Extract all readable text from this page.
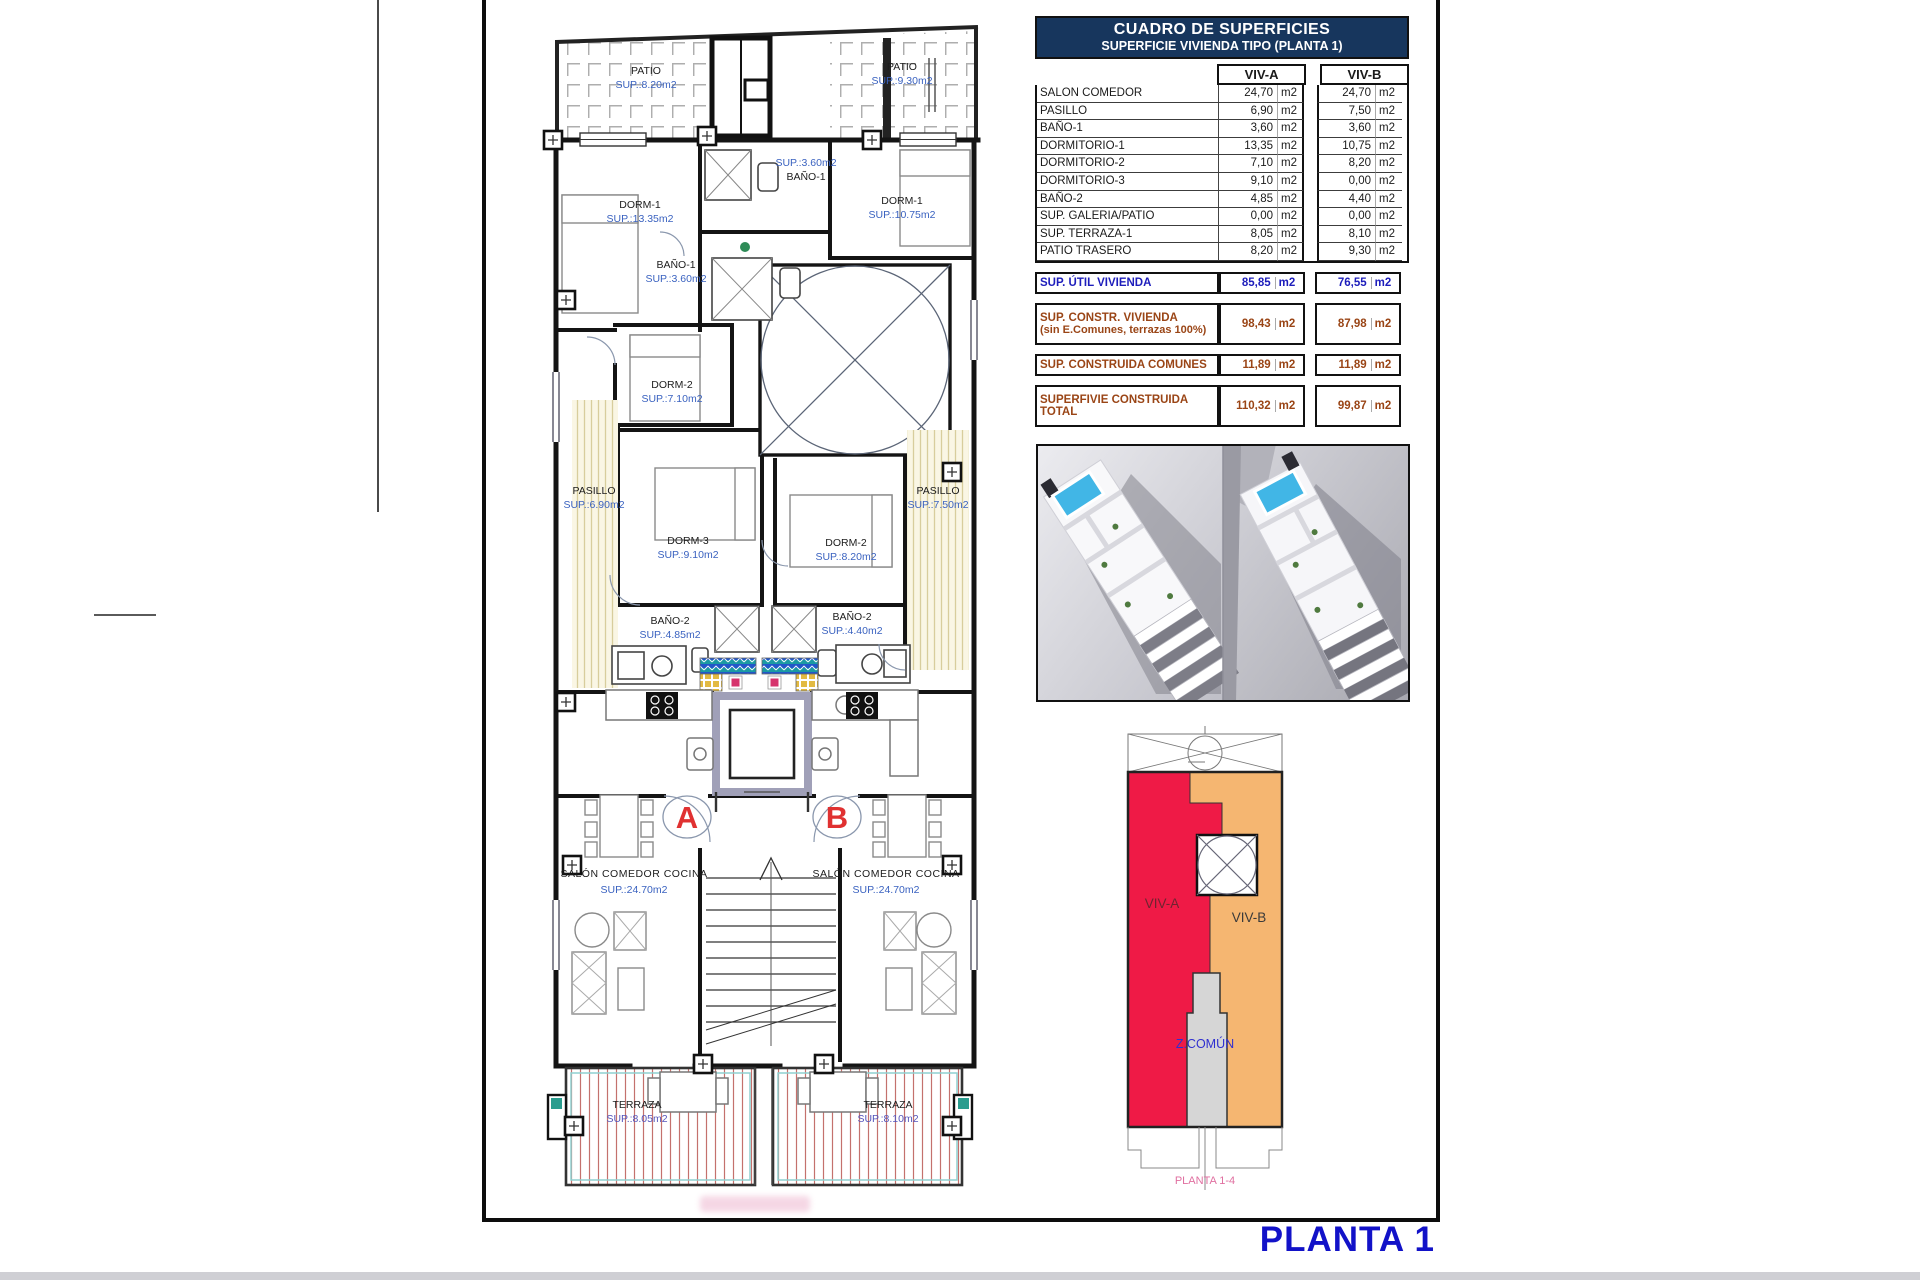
A	B
PATIO
SUP.:8.20m2
PATIO
SUP.:9.30m2
SUP.:3.60m2
BAÑO-1
DORM-1
SUP.:13.35m2
DORM-1
SUP.:10.75m2
BAÑO-1
SUP.:3.60m2
DORM-2
SUP.:7.10m2
PASILLO
SUP.:6.90m2
PASILLO
SUP.:7.50m2
DORM-3
SUP.:9.10m2
DORM-2
SUP.:8.20m2
BAÑO-2
SUP.:4.85m2
BAÑO-2
SUP.:4.40m2
SALÓN COMEDOR COCINA
SUP.:24.70m2
SALÓN COMEDOR COCINA
SUP.:24.70m2
TERRAZA
SUP.:8.05m2
TERRAZA
SUP.:8.10m2
CUADRO DE SUPERFICIES
SUPERFICIE VIVIENDA TIPO (PLANTA 1)
VIV-A	VIV-B
SALON COMEDOR	24,70 m2	24,70 m2
PASILLO	6,90 m2	7,50 m2
BAÑO-1	3,60 m2	3,60 m2
DORMITORIO-1	13,35 m2	10,75 m2
DORMITORIO-2	7,10 m2	8,20 m2
DORMITORIO-3	9,10 m2	0,00 m2
BAÑO-2	4,85 m2	4,40 m2
SUP. GALERIA/PATIO	0,00 m2	0,00 m2
SUP. TERRAZA-1	8,05 m2	8,10 m2
PATIO TRASERO	8,20 m2	9,30 m2
SUP. ÚTIL VIVIENDA	85,85 m2	76,55 m2
SUP. CONSTR. VIVIENDA
(sin E.Comunes, terrazas 100%)	98,43 m2	87,98 m2
SUP. CONSTRUIDA COMUNES	11,89 m2	11,89 m2
SUPERFIVIE CONSTRUIDA
TOTAL	110,32 m2	99,87 m2
VIV-A
VIV-B
Z.COMÚN
PLANTA 1-4
PLANTA 1
